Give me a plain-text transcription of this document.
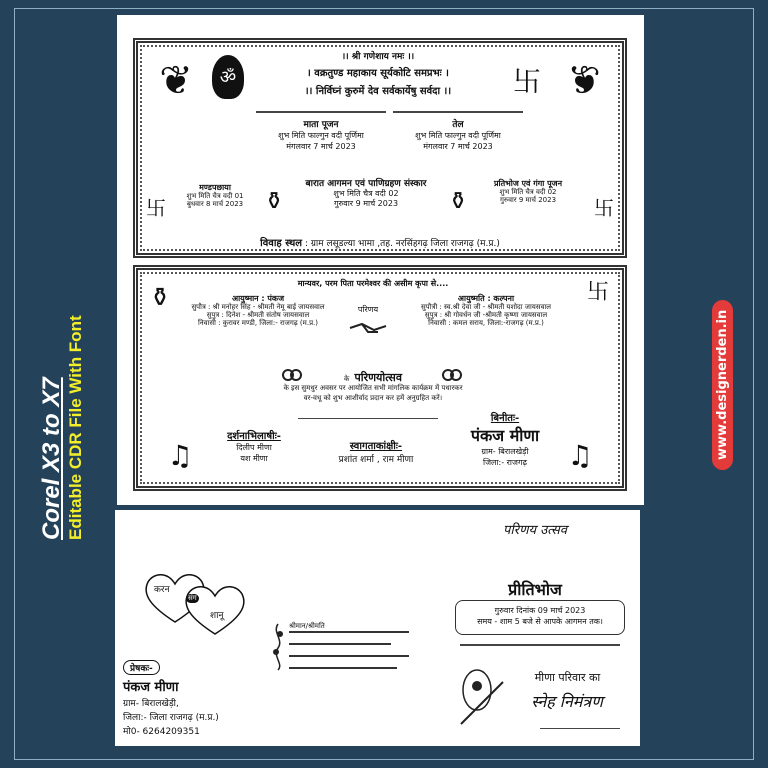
Corel X3 to X7 Editable CDR File With Font	www.designerden.in
❦	❦
ॐ	卐
।। श्री गणेशाय नमः ।।
। वक्रतुण्ड महाकाय सूर्यकोटि समप्रभः ।
।। निर्विघ्नं कुरुमें देव सर्वकार्येषु सर्वदा ।।
माता पूजन
शुभ मिति फाल्गुन वदी पूर्णिमा
मंगलवार 7 मार्च 2023
तेल
शुभ मिति फाल्गुन वदी पूर्णिमा
मंगलवार 7 मार्च 2023
卐	卐
⚱	⚱
मण्डपछाया
शुभ मिति चैत्र वदी 01
बुधवार 8 मार्च 2023
बारात आगमन एवं पाणिग्रहण संस्कार
शुभ मिति चैत्र वदी 02
गुरुवार 9 मार्च 2023
प्रतिभोज एवं गंगा पूजन
शुभ मिति चैत्र वदी 02
गुरुवार 9 मार्च 2023
विवाह स्थल : ग्राम लसूडल्या भामा ,तह. नरसिंहगढ़ जिला राजगढ़ (म.प्र.)
⚱	卐
मान्यवर, परम पिता परमेश्वर की असीम कृपा से....
आयुष्मान : पंकज
सुपौत्र : श्री मनोहर सिंह - श्रीमती नेमू बाई जायसवाल
सुपुत्र : दिनेश - श्रीमती संतोष जायसवाल
निवासी : कुरावर मण्डी, जिला:- राजगढ़ (म.प्र.)
परिणय
आयुष्मति : कल्पना
सुपौत्री : स्व.श्री देवा जी - श्रीमती यशोदा जायसवाल
सुपुत्र : श्री गोवर्धन जी -श्रीमती कृष्णा जायसवाल
निवासी : कमल सराय, जिला:-राजगढ़ (म.प्र.)
के परिणयोत्सव
के इस सुमधुर अवसर पर आयोजित सभी मांगलिक कार्यक्रम में पधारकर
वर-वधू को शुभ आशीर्वाद प्रदान कर हमें अनुग्रहित करें।
♫	♫
दर्शनाभिलाषीः-
दिलीप मीणा
यश मीणा
स्वागताकांक्षीः-
प्रशांत शर्मा , राम मीणा
बिनीतः-
पंकज मीणा
ग्राम- बिरालखेड़ी
जिला:- राजगढ़
करन
संग
शानू
प्रेषकः-
पंकज मीणा
ग्राम- बिरालखेड़ी,
जिला:- जिला राजगढ़ (म.प्र.)
मो0- 6264209351
श्रीमान/श्रीमति
परिणय उत्सव
प्रीतिभोज
गुरुवार दिनांक 09 मार्च 2023
समय - शाम 5 बजे से आपके आगमन तक।
मीणा परिवार का
स्नेह निमंत्रण
